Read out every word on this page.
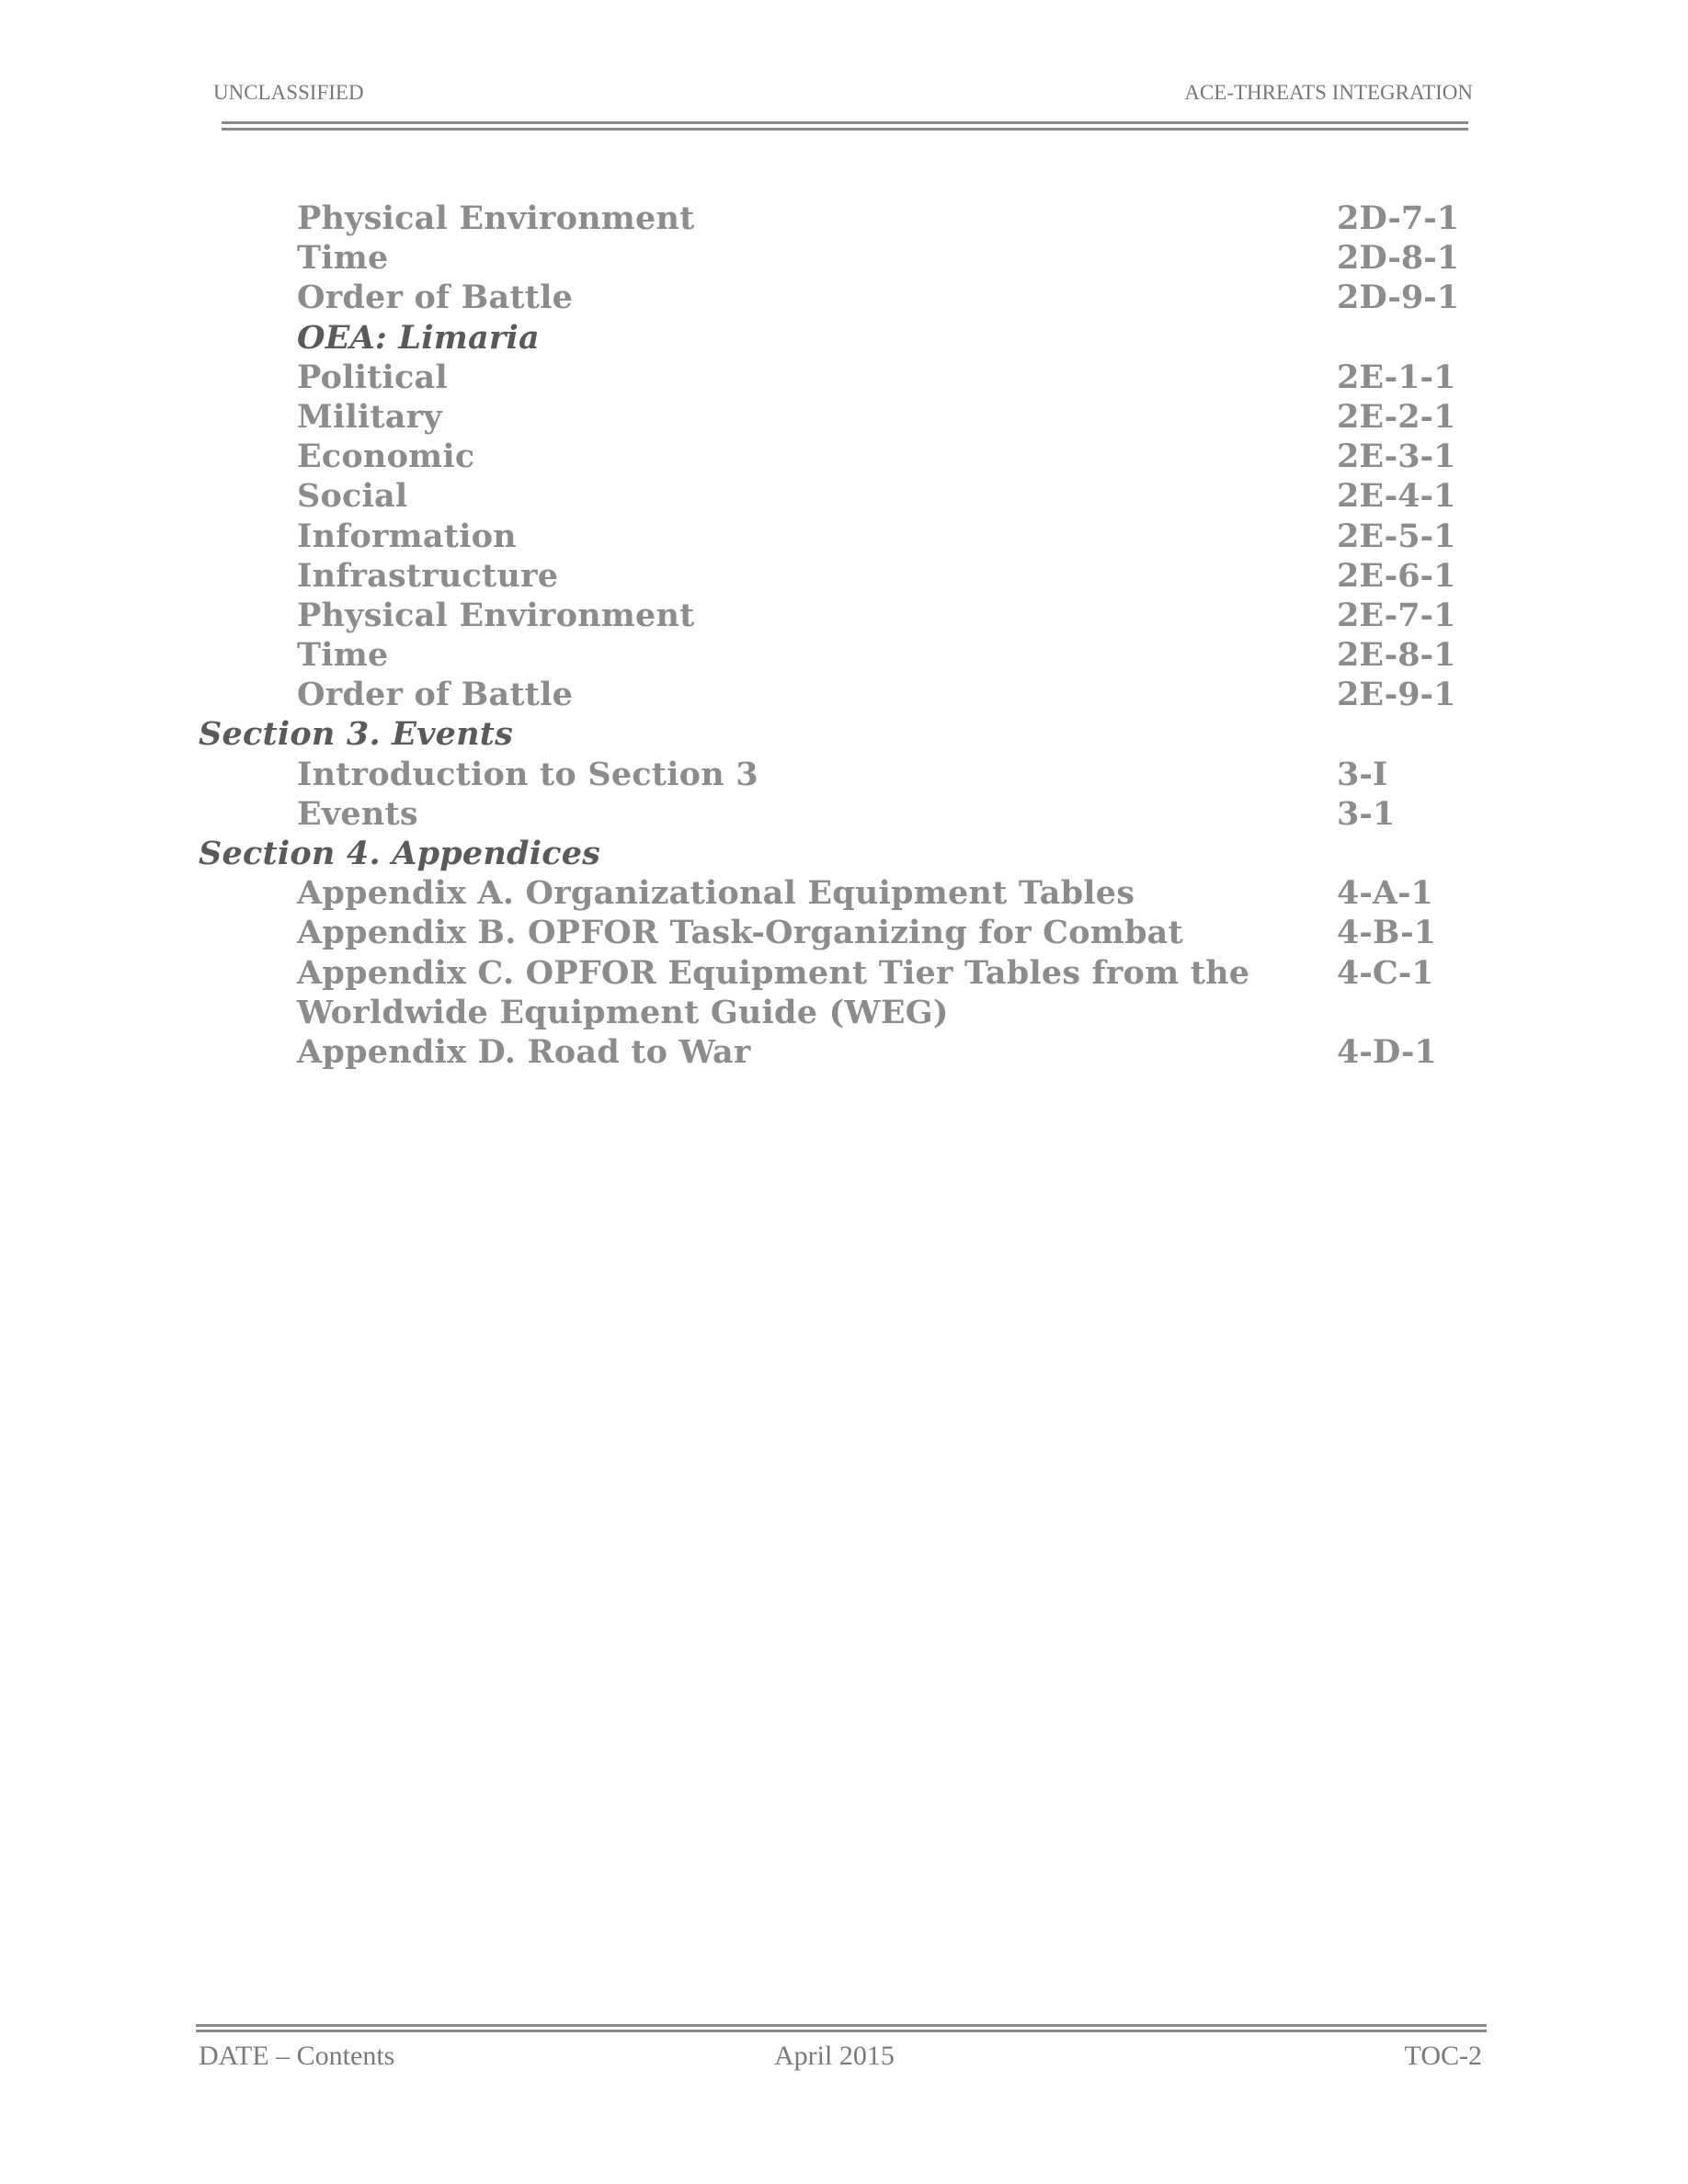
UNCLASSIFIED	ACE-THREATS INTEGRATION
Physical Environment	2D-7-1
Time	2D-8-1
Order of Battle	2D-9-1
OEA: Limaria
Political	2E-1-1
Military	2E-2-1
Economic	2E-3-1
Social	2E-4-1
Information	2E-5-1
Infrastructure	2E-6-1
Physical Environment	2E-7-1
Time	2E-8-1
Order of Battle	2E-9-1
Section 3. Events
Introduction to Section 3	3-I
Events	3-1
Section 4. Appendices
Appendix A. Organizational Equipment Tables	4-A-1
Appendix B. OPFOR Task-Organizing for Combat	4-B-1
Appendix C. OPFOR Equipment Tier Tables from the	4-C-1
Worldwide Equipment Guide (WEG)
Appendix D. Road to War	4-D-1
DATE – Contents	April 2015	TOC-2
